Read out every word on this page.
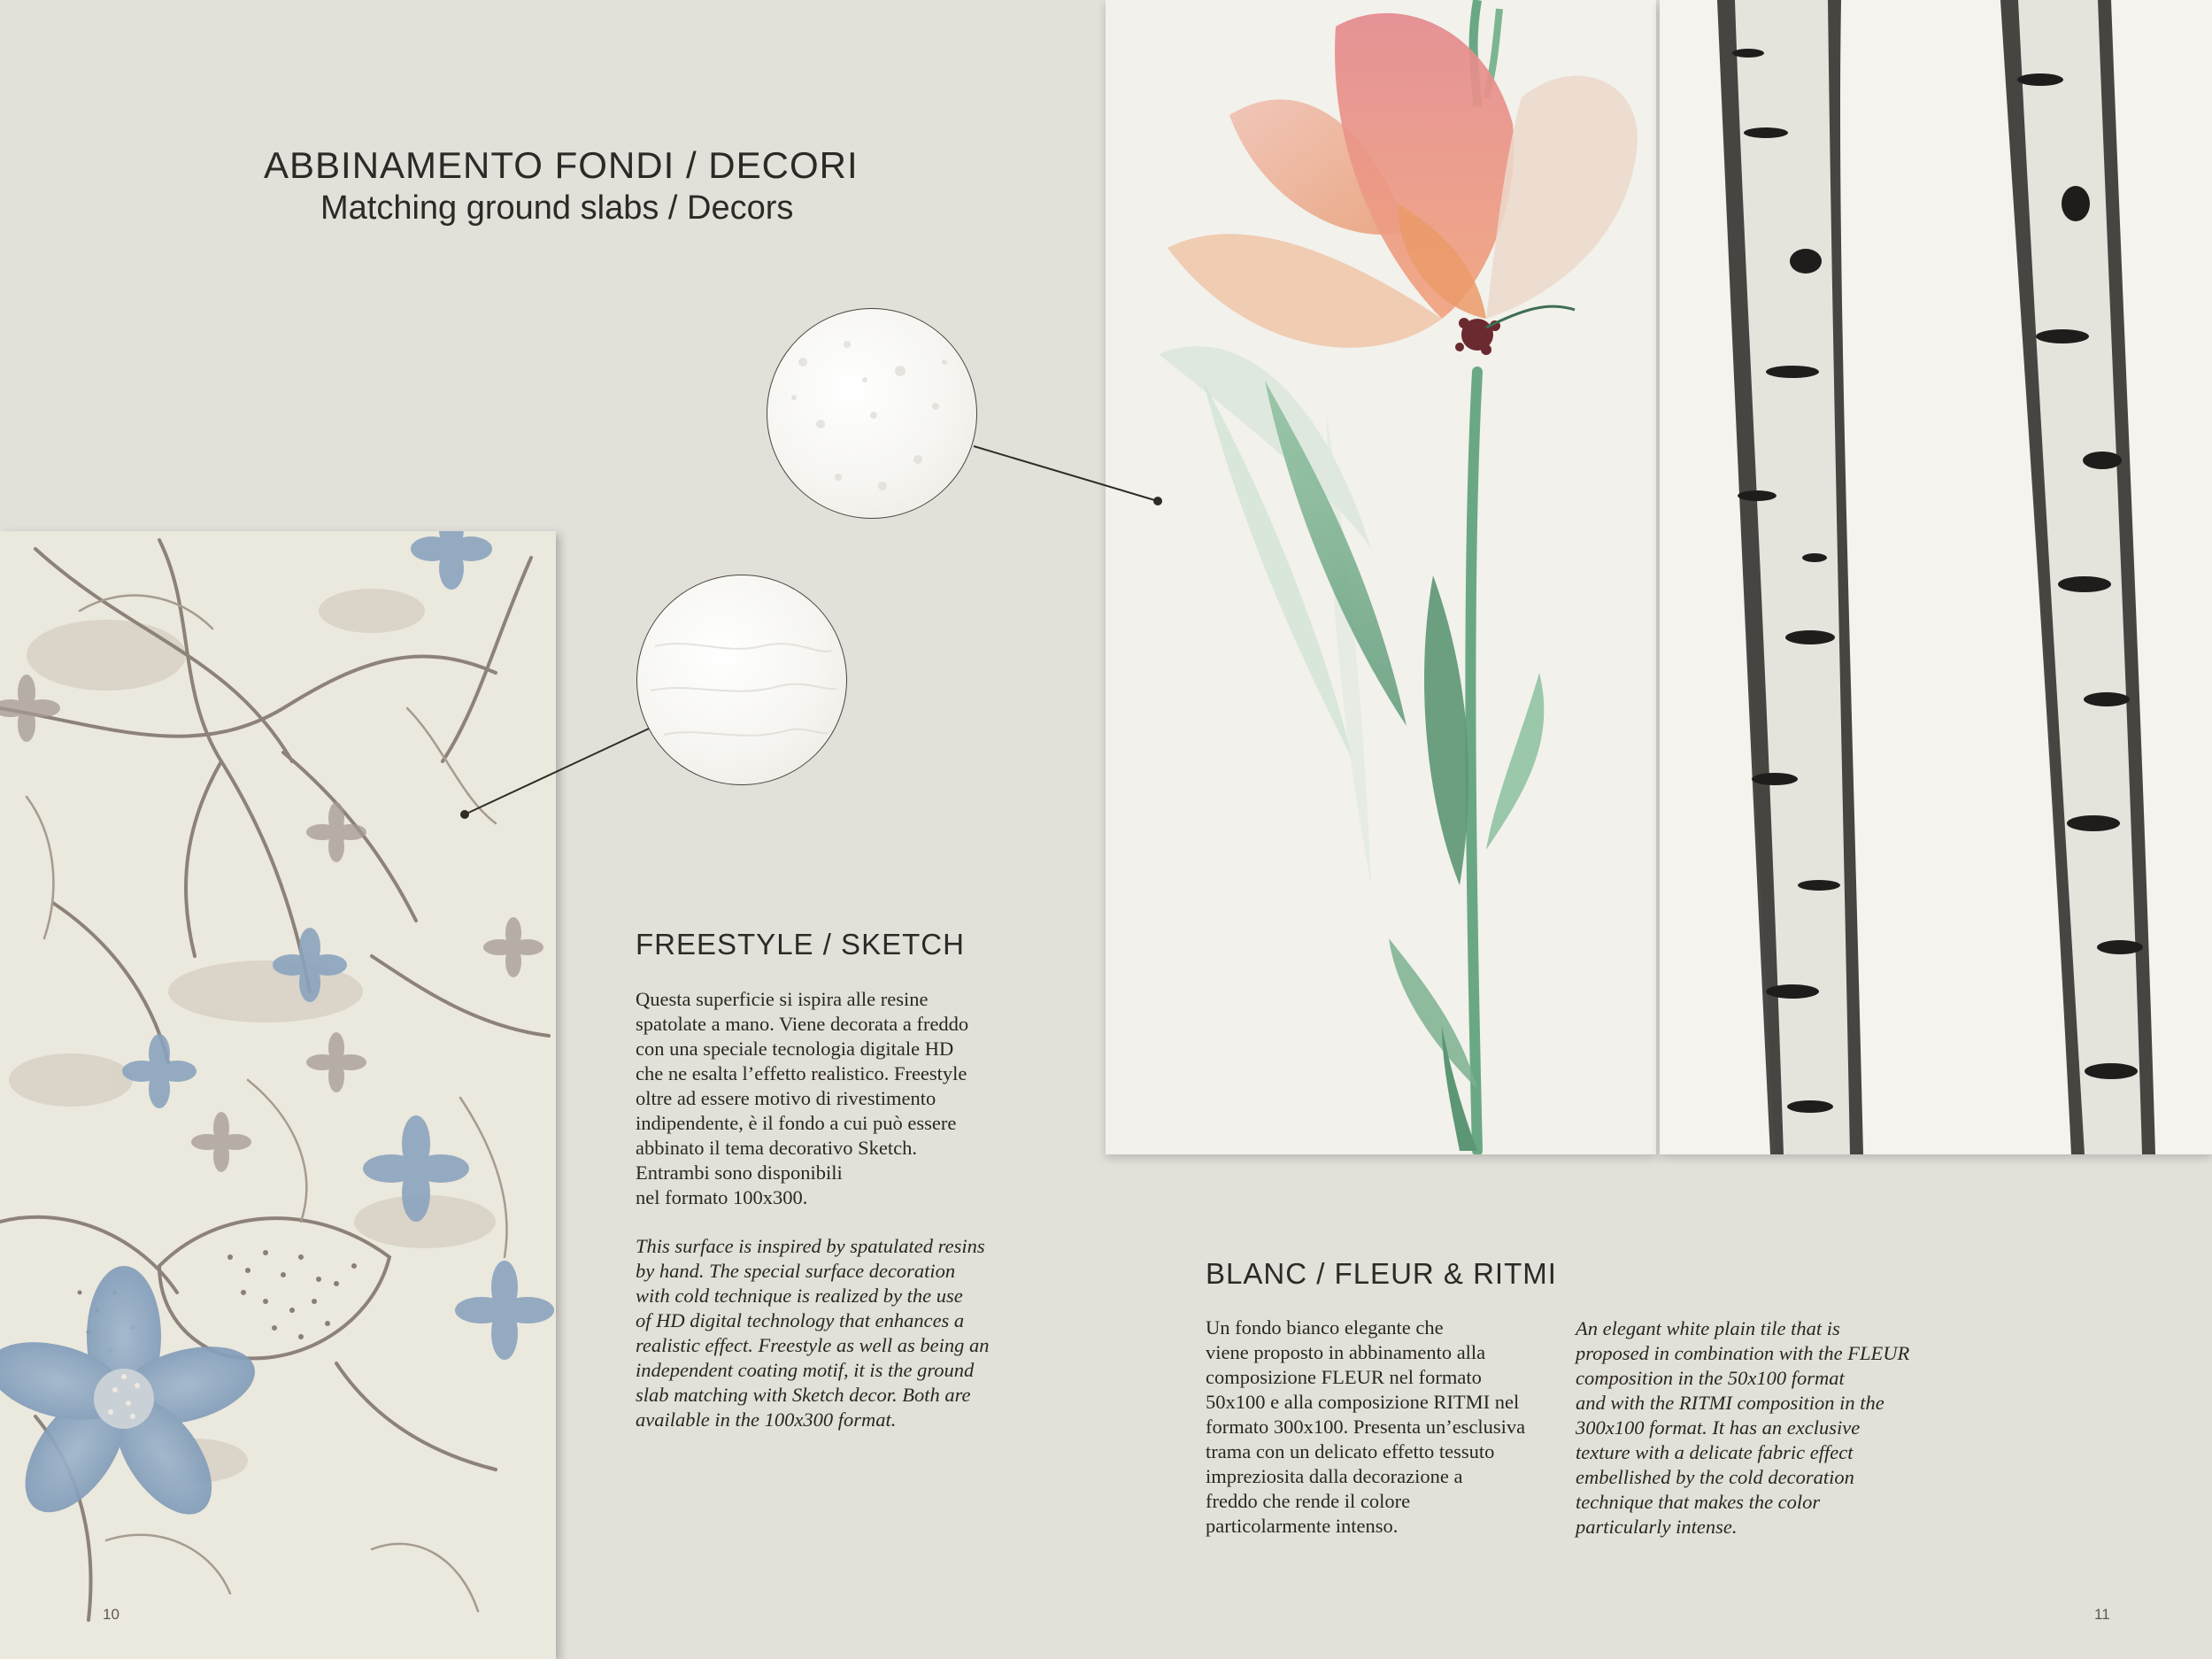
ABBINAMENTO FONDI / DECORI
Matching ground slabs / Decors
FREESTYLE / SKETCH
Questa superficie si ispira alle resine
spatolate a mano. Viene decorata a freddo
con una speciale tecnologia digitale HD
che ne esalta l’effetto realistico. Freestyle
oltre ad essere motivo di rivestimento
indipendente, è il fondo a cui può essere
abbinato il tema decorativo Sketch.
Entrambi sono disponibili
nel formato 100x300.
This surface is inspired by spatulated resins
by hand. The special surface decoration
with cold technique is realized by the use
of HD digital technology that enhances a
realistic effect. Freestyle as well as being an
independent coating motif, it is the ground
slab matching with Sketch decor. Both are
available in the 100x300 format.
BLANC / FLEUR & RITMI
Un fondo bianco elegante che
viene proposto in abbinamento alla
composizione FLEUR nel formato
50x100 e alla composizione RITMI nel
formato 300x100. Presenta un’esclusiva
trama con un delicato effetto tessuto
impreziosita dalla decorazione a
freddo che rende il colore
particolarmente intenso.
An elegant white plain tile that is
proposed in combination with the FLEUR
composition in the 50x100 format
and with the RITMI composition in the
300x100 format. It has an exclusive
texture with a delicate fabric effect
embellished by the cold decoration
technique that makes the color
particularly intense.
10	11
